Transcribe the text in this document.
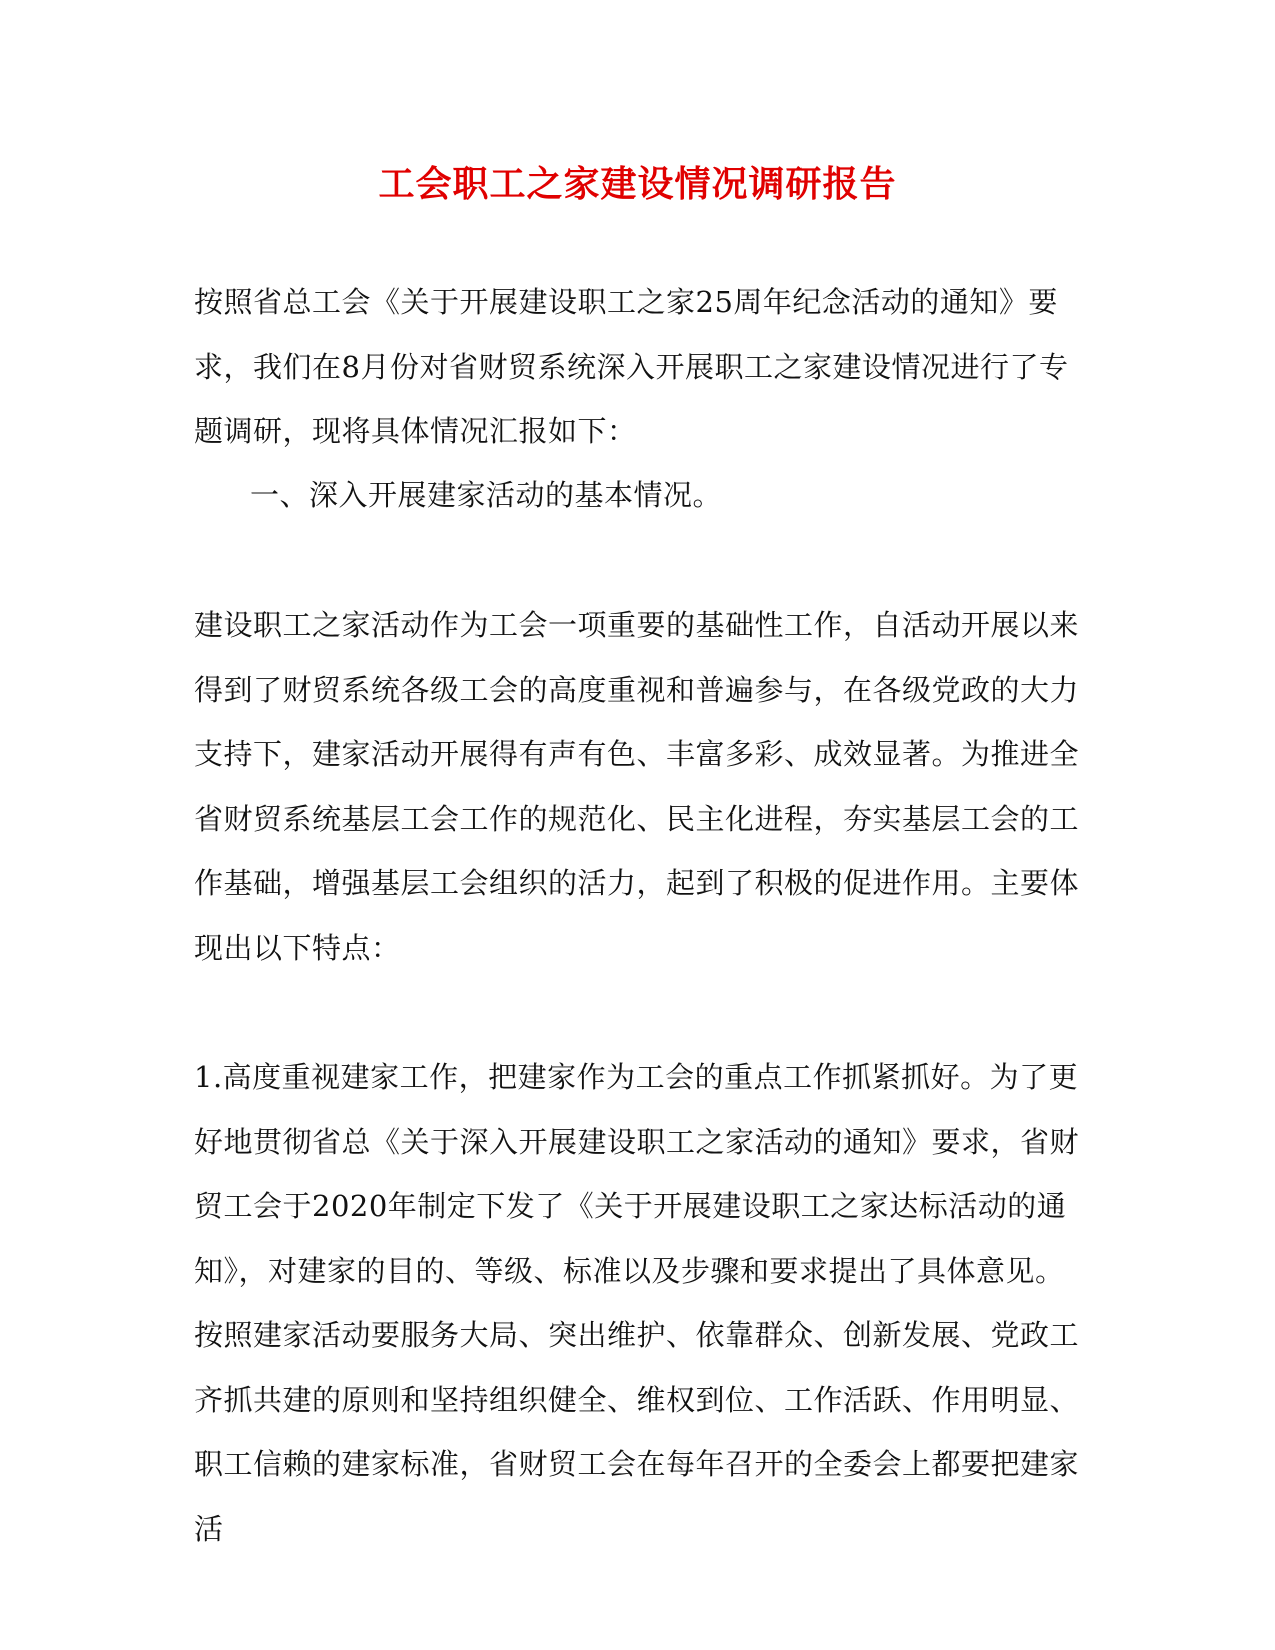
工会职工之家建设情况调研报告

按照省总工会《关于开展建设职工之家25周年纪念活动的通知》要求，我们在8月份对省财贸系统深入开展职工之家建设情况进行了专题调研，现将具体情况汇报如下：

一、深入开展建家活动的基本情况。

建设职工之家活动作为工会一项重要的基础性工作，自活动开展以来得到了财贸系统各级工会的高度重视和普遍参与，在各级党政的大力支持下，建家活动开展得有声有色、丰富多彩、成效显著。为推进全省财贸系统基层工会工作的规范化、民主化进程，夯实基层工会的工作基础，增强基层工会组织的活力，起到了积极的促进作用。主要体现出以下特点：

1.高度重视建家工作，把建家作为工会的重点工作抓紧抓好。为了更好地贯彻省总《关于深入开展建设职工之家活动的通知》要求，省财贸工会于2020年制定下发了《关于开展建设职工之家达标活动的通知》，对建家的目的、等级、标准以及步骤和要求提出了具体意见。按照建家活动要服务大局、突出维护、依靠群众、创新发展、党政工齐抓共建的原则和坚持组织健全、维权到位、工作活跃、作用明显、职工信赖的建家标准，省财贸工会在每年召开的全委会上都要把建家活
